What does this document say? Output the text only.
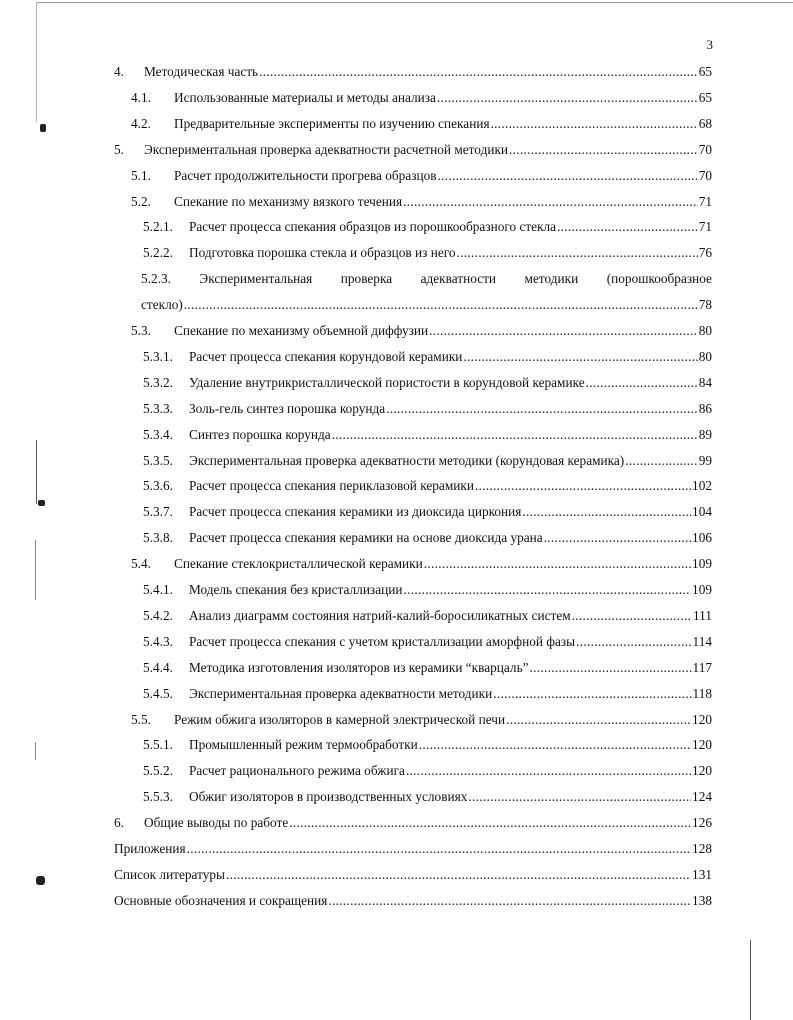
3
4.	Методическая часть .....	65
4.1.	Использованные материалы и методы анализа .....	65
4.2.	Предварительные эксперименты по изучению спекания .....	68
5.	Экспериментальная проверка адекватности расчетной методики .....	70
5.1.	Расчет продолжительности прогрева образцов .....	70
5.2.	Спекание по механизму вязкого течения .....	71
5.2.1.	Расчет процесса спекания образцов из порошкообразного стекла .....	71
5.2.2.	Подготовка порошка стекла и образцов из него .....	76
5.2.3. Экспериментальная проверка адекватности методики (порошкообразное
стекло) .....	78
5.3.	Спекание по механизму объемной диффузии .....	80
5.3.1.	Расчет процесса спекания корундовой керамики .....	80
5.3.2.	Удаление внутрикристаллической пористости в корундовой керамике .....	84
5.3.3.	Золь-гель синтез порошка корунда .....	86
5.3.4.	Синтез порошка корунда .....	89
5.3.5.	Экспериментальная проверка адекватности методики (корундовая керамика) .....	99
5.3.6.	Расчет процесса спекания периклазовой керамики .....	102
5.3.7.	Расчет процесса спекания керамики из диоксида циркония .....	104
5.3.8.	Расчет процесса спекания керамики на основе диоксида урана .....	106
5.4.	Спекание стеклокристаллической керамики .....	109
5.4.1.	Модель спекания без кристаллизации .....	109
5.4.2.	Анализ диаграмм состояния натрий-калий-боросиликатных систем .....	111
5.4.3.	Расчет процесса спекания с учетом кристаллизации аморфной фазы .....	114
5.4.4.	Методика изготовления изоляторов из керамики “кварцаль” .....	117
5.4.5.	Экспериментальная проверка адекватности методики .....	118
5.5.	Режим обжига изоляторов в камерной электрической печи .....	120
5.5.1.	Промышленный режим термообработки .....	120
5.5.2.	Расчет рационального режима обжига .....	120
5.5.3.	Обжиг изоляторов в производственных условиях .....	124
6.	Общие выводы по работе .....	126
Приложения .....	128
Список литературы .....	131
Основные обозначения и сокращения .....	138
